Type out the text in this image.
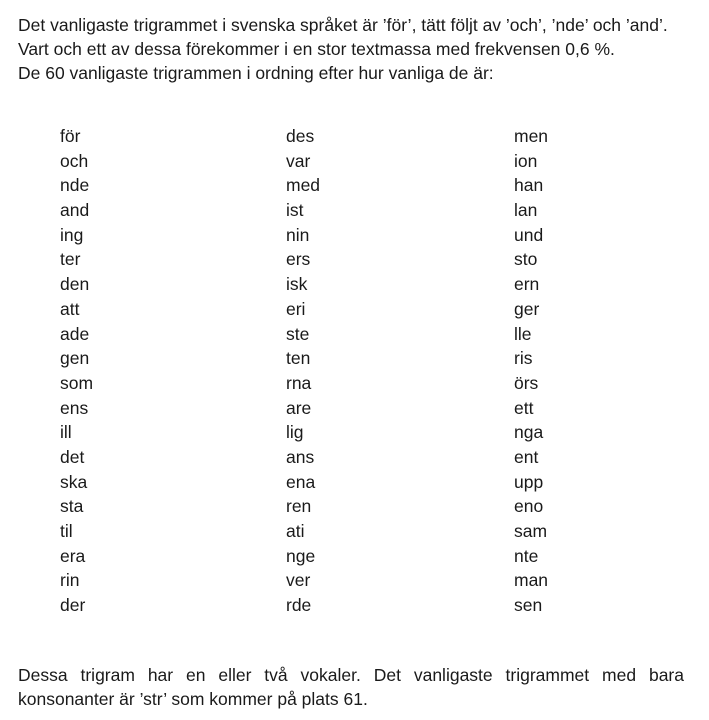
Det vanligaste trigrammet i svenska språket är ’för’, tätt följt av ’och’, ’nde’ och ’and’. Vart och ett av dessa förekommer i en stor textmassa med frekvensen 0,6 %.

De 60 vanligaste trigrammen i ordning efter hur vanliga de är:

för
och
nde
and
ing
ter
den
att
ade
gen
som
ens
ill
det
ska
sta
til
era
rin
der
des
var
med
ist
nin
ers
isk
eri
ste
ten
rna
are
lig
ans
ena
ren
ati
nge
ver
rde
men
ion
han
lan
und
sto
ern
ger
lle
ris
örs
ett
nga
ent
upp
eno
sam
nte
man
sen

Dessa trigram har en eller två vokaler. Det vanligaste trigrammet med bara konsonanter är ’str’ som kommer på plats 61.
